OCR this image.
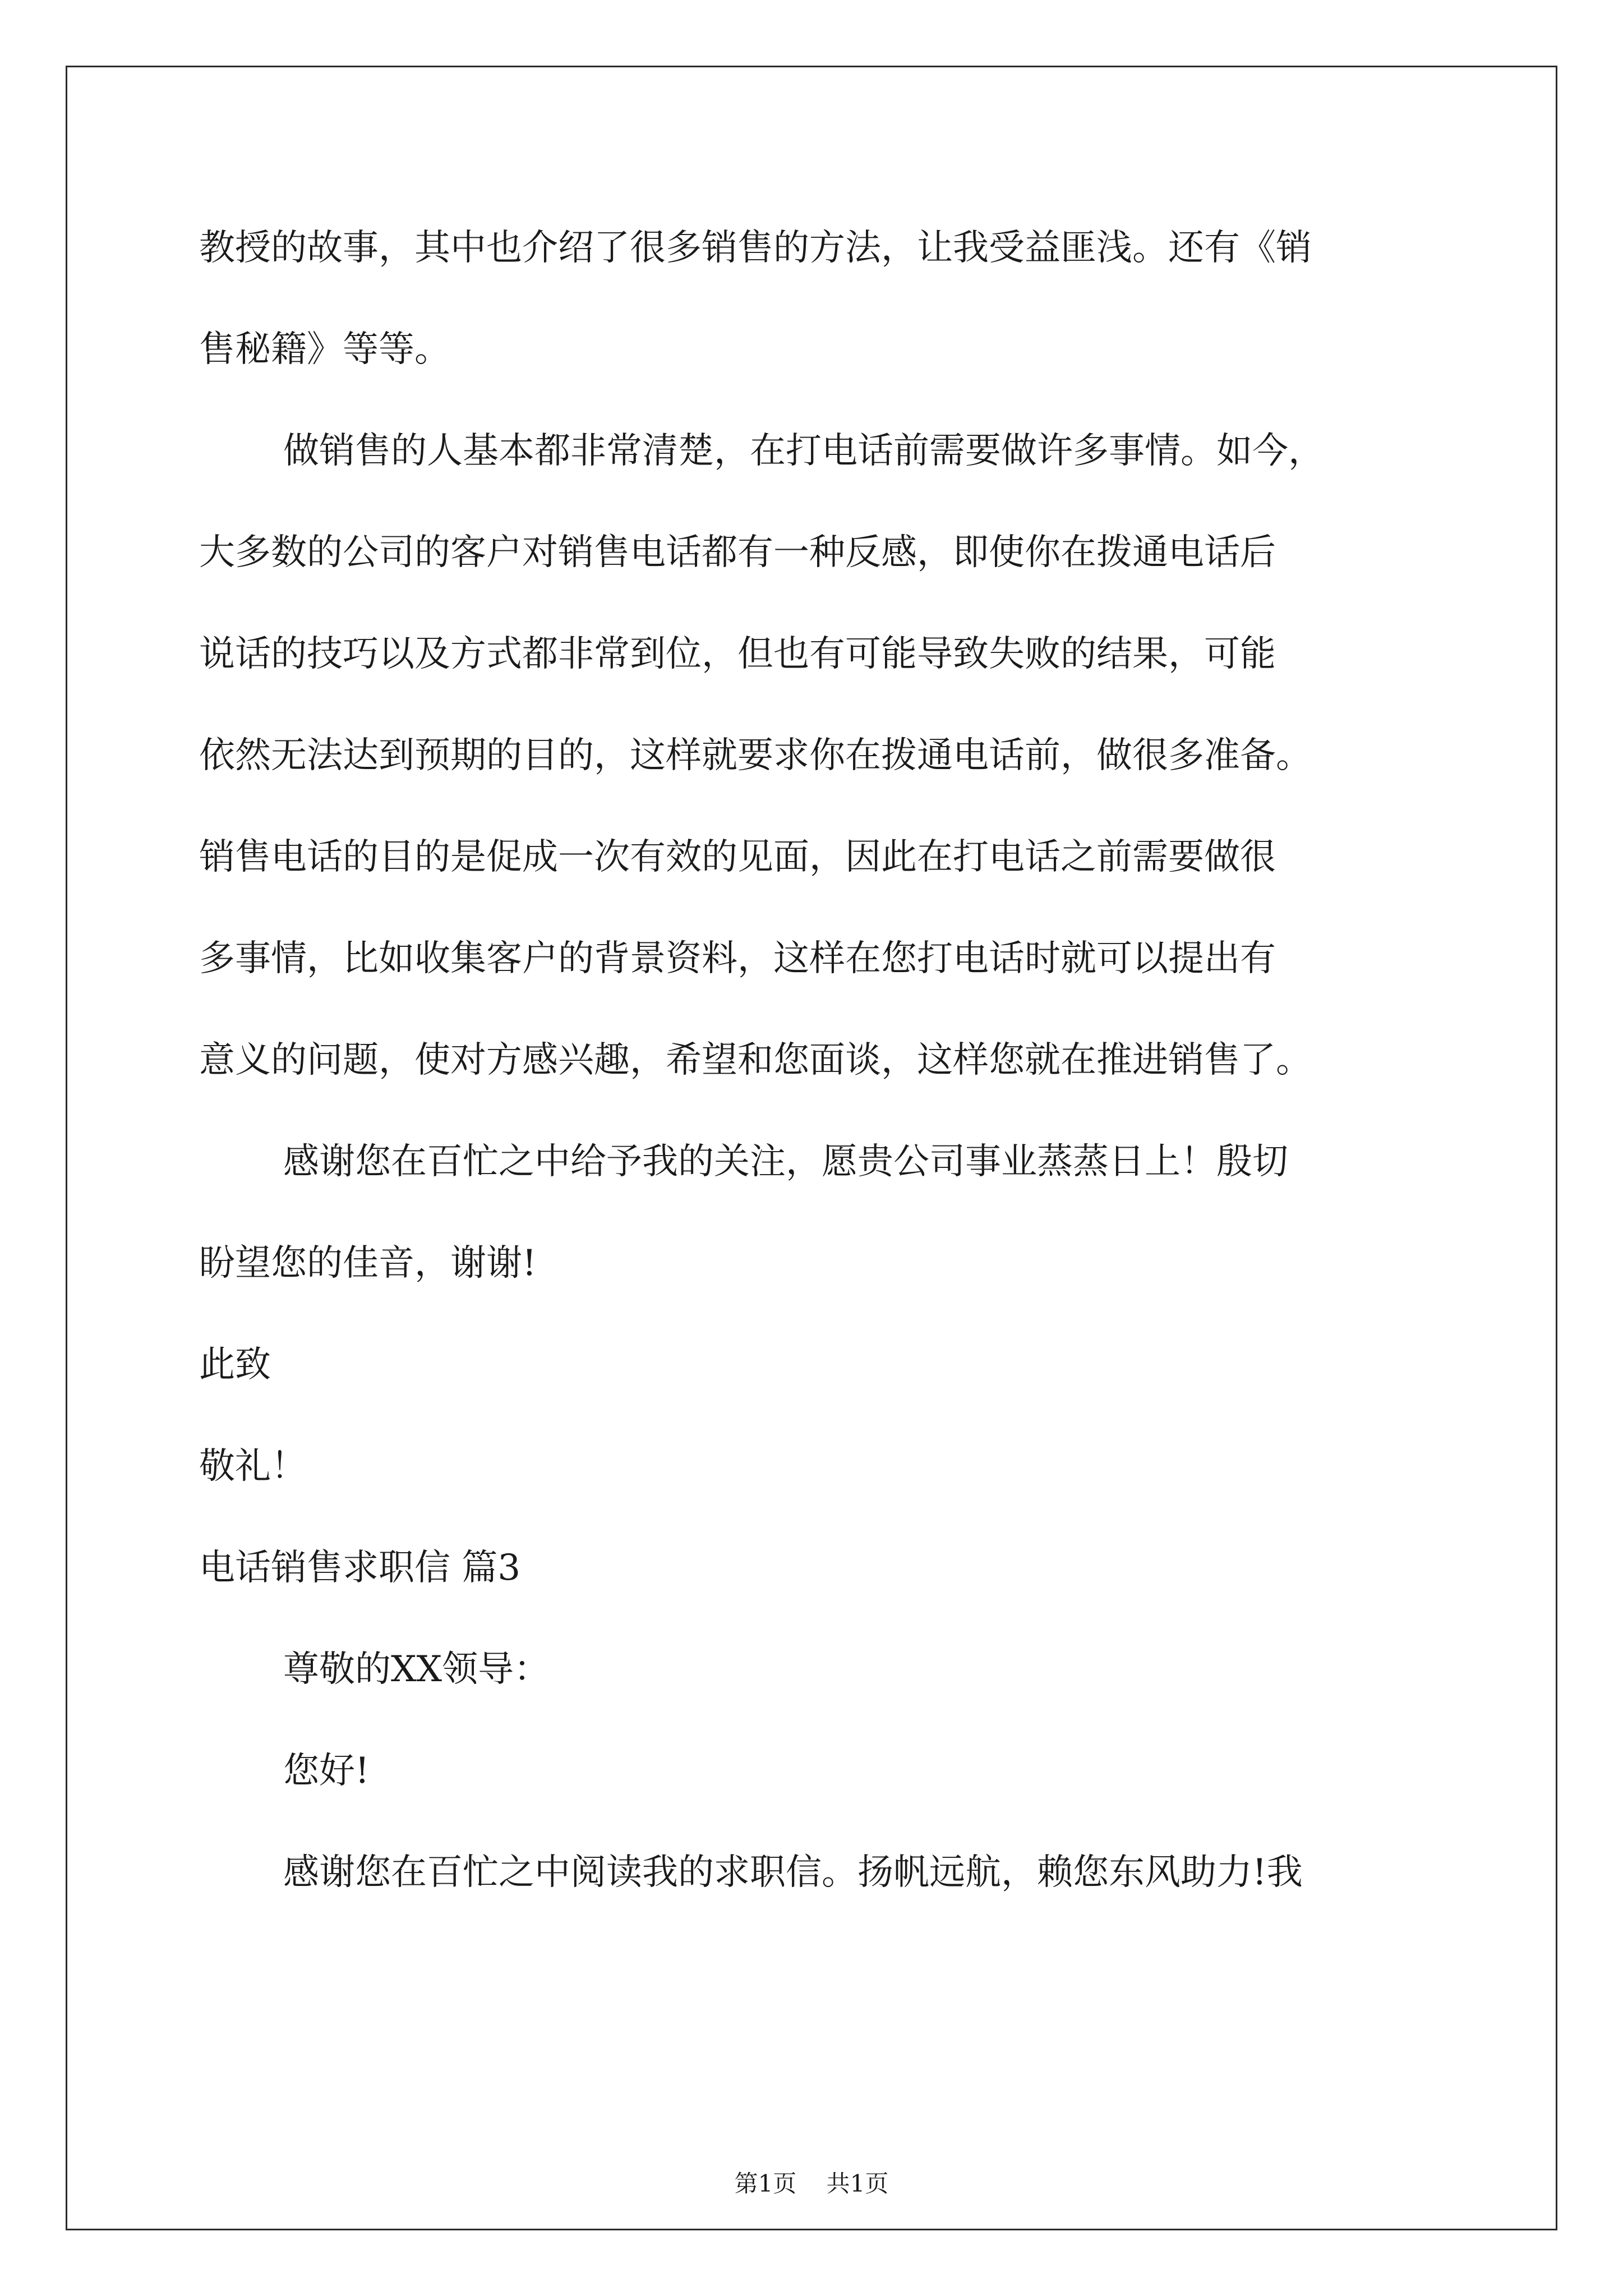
教授的故事，其中也介绍了很多销售的方法，让我受益匪浅。还有《销

售秘籍》等等。

做销售的人基本都非常清楚，在打电话前需要做许多事情。如今，

大多数的公司的客户对销售电话都有一种反感，即使你在拨通电话后

说话的技巧以及方式都非常到位，但也有可能导致失败的结果，可能

依然无法达到预期的目的，这样就要求你在拨通电话前，做很多准备。

销售电话的目的是促成一次有效的见面，因此在打电话之前需要做很

多事情，比如收集客户的背景资料，这样在您打电话时就可以提出有

意义的问题，使对方感兴趣，希望和您面谈，这样您就在推进销售了。

感谢您在百忙之中给予我的关注，愿贵公司事业蒸蒸日上！殷切

盼望您的佳音，谢谢!

此致

敬礼！

电话销售求职信 篇3

尊敬的XX领导：

您好!

感谢您在百忙之中阅读我的求职信。扬帆远航，赖您东风助力!我

第1页 共1页
